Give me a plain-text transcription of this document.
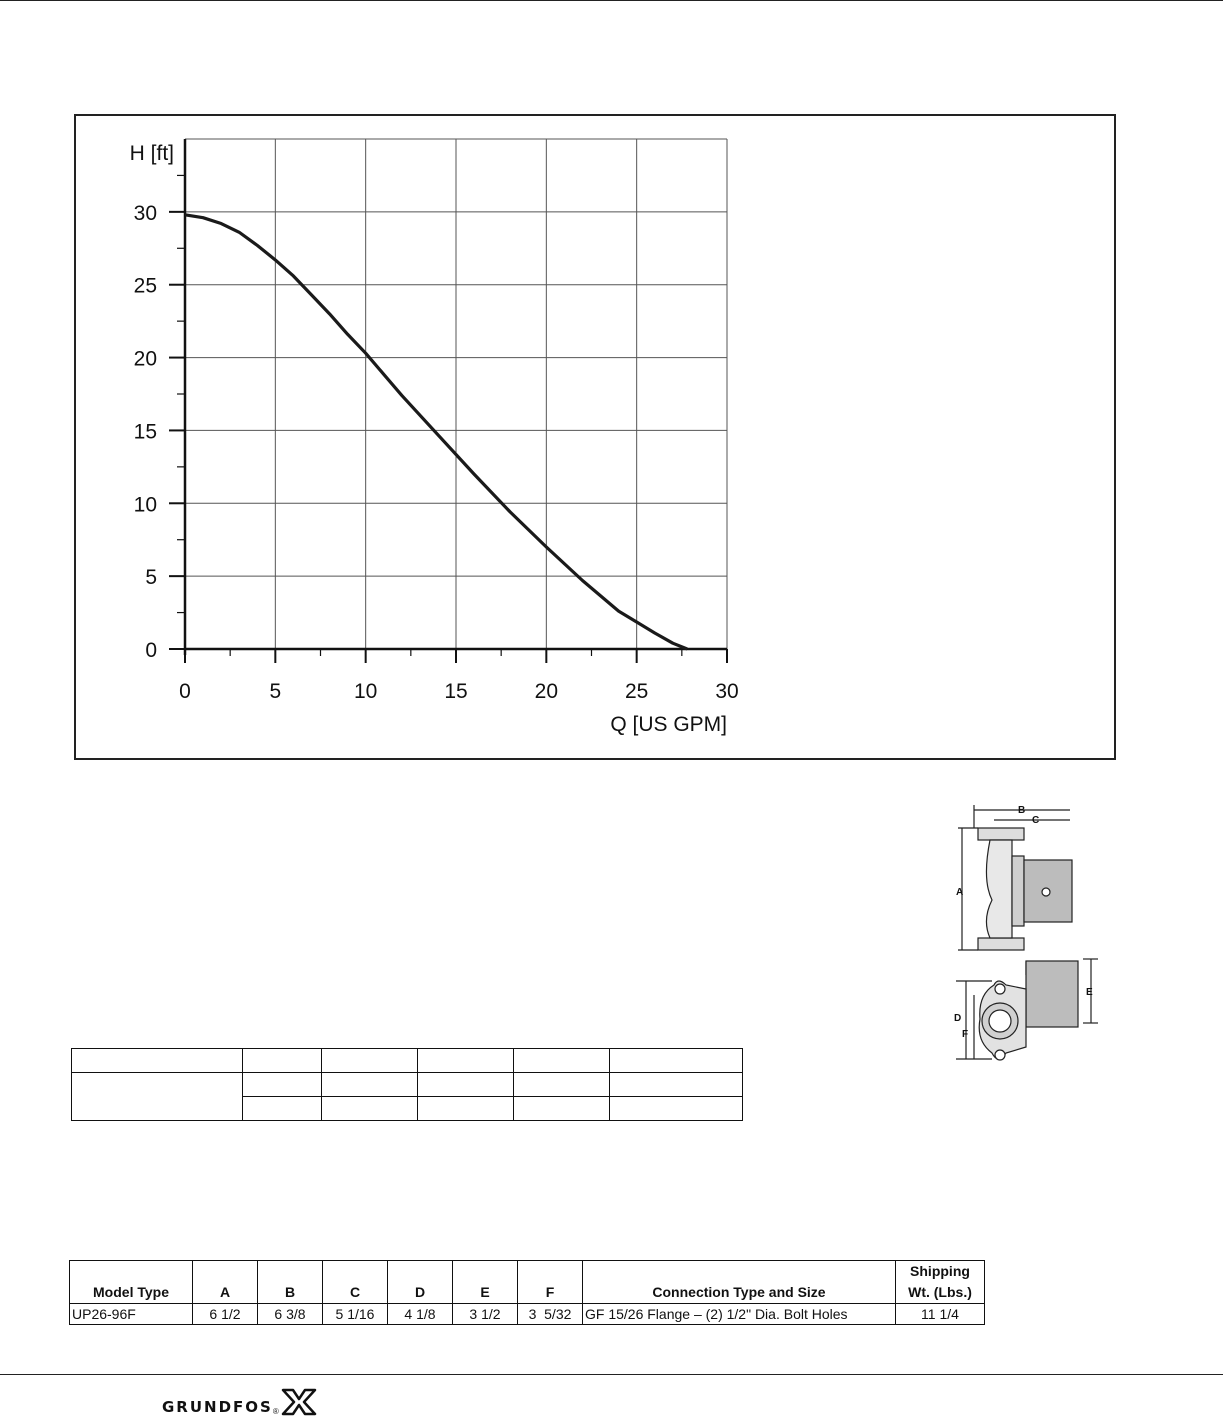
0
5
10
15
20
25
30
0	5	10	15	20	25	30
H [ft]
Q [US GPM]
B
C
A
E
D
F

Model Type	A	B	C	D	E	F	Connection Type and Size	Shipping
Wt. (Lbs.)
UP26-96F	6 1/2	6 3/8	5 1/16	4 1/8	3 1/2	3  5/32	GF 15/26 Flange – (2) 1/2" Dia. Bolt Holes	11 1/4
GRUNDFOS ®
